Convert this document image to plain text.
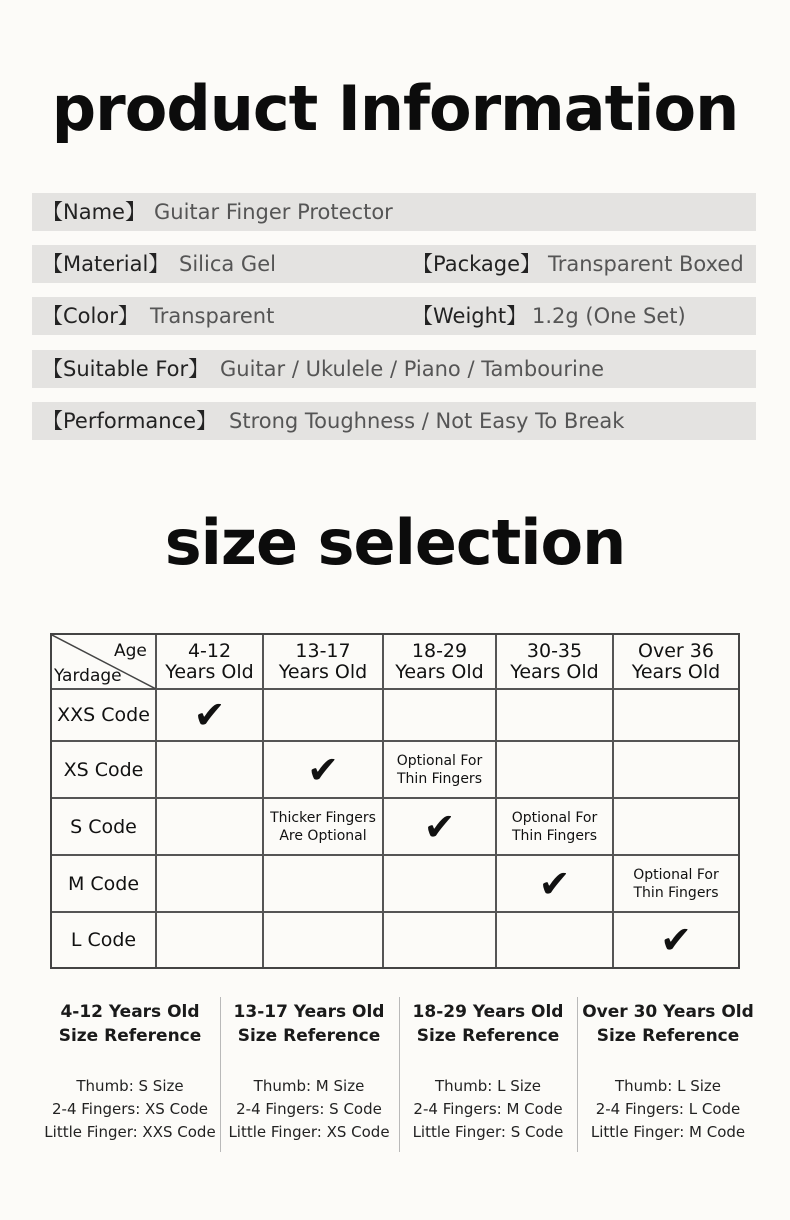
product Information
【Name】 Guitar Finger Protector
【Material】 Silica Gel	【Package】 Transparent Boxed
【Color】 Transparent	【Weight】 1.2g (One Set)
【Suitable For】 Guitar / Ukulele / Piano / Tambourine
【Performance】 Strong Toughness / Not Easy To Break
size selection
Age
Yardage
4-12
Years Old
13-17
Years Old
18-29
Years Old
30-35
Years Old
Over 36
Years Old
XXS Code
XS Code
S Code
M Code
L Code
✔
✔
✔
✔
✔
Optional For
Thin Fingers
Thicker Fingers
Are Optional
Optional For
Thin Fingers
Optional For
Thin Fingers
4-12 Years Old
Size Reference
Thumb: S Size
2-4 Fingers: XS Code
Little Finger: XXS Code
13-17 Years Old
Size Reference
Thumb: M Size
2-4 Fingers: S Code
Little Finger: XS Code
18-29 Years Old
Size Reference
Thumb: L Size
2-4 Fingers: M Code
Little Finger: S Code
Over 30 Years Old
Size Reference
Thumb: L Size
2-4 Fingers: L Code
Little Finger: M Code
